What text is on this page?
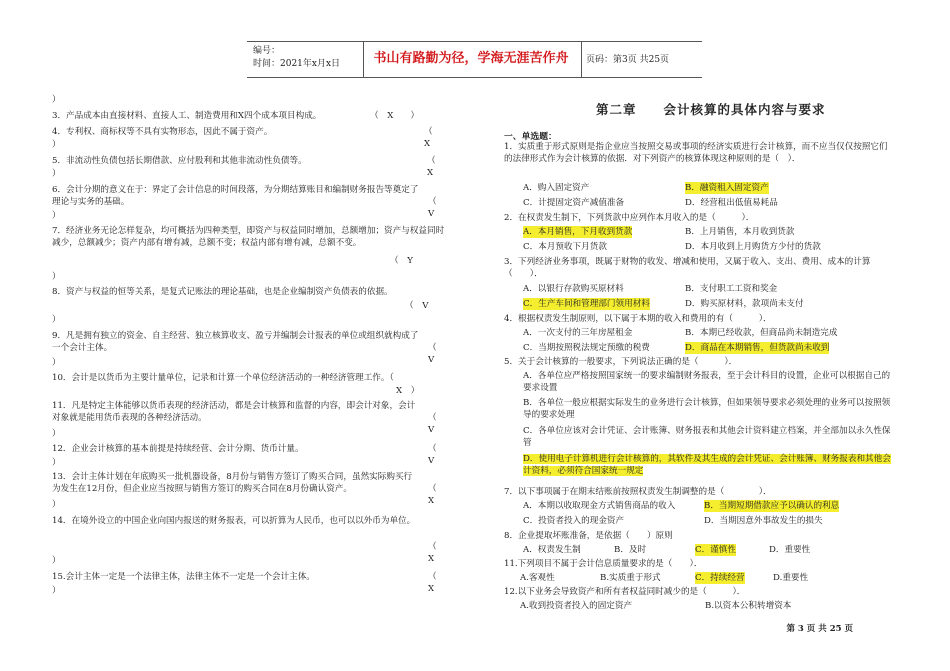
编号：
时间：2021年x月x日	书山有路勤为径，学海无涯苦作舟	页码：第3页 共25页
）
3．产品成本由直接材料、直接人工、制造费用和X四个成本项目构成。	（　X　　）
4．专利权、商标权等不具有实物形态，因此不属于资产。	（　　X
）
5．非流动性负债包括长期借款、应付股利和其他非流动性负债等。	（　X
）
6．会计分期的意义在于：界定了会计信息的时间段落，为分期结算账目和编制财务报告等奠定了理论与实务的基础。	（　V
）
7．经济业务无论怎样复杂，均可概括为四种类型，即资产与权益同时增加，总额增加；资产与权益同时减少，总额减少；资产内部有增有减，总额不变；权益内部有增有减，总额不变。
（　Y
）
8．资产与权益的恒等关系，是复式记账法的理论基础，也是企业编制资产负债表的依据。
（　V
）
9．凡是拥有独立的资金、自主经营、独立核算收支、盈亏并编制会计报表的单位或组织就构成了一个会计主体。	（　V
）
10．会计是以货币为主要计量单位，记录和计算一个单位经济活动的一种经济管理工作。（
X　）
11．凡是特定主体能够以货币表现的经济活动，都是会计核算和监督的内容，即会计对象，会计对象就是能用货币表现的各种经济活动。	（　V
）
12．企业会计核算的基本前提是持续经营、会计分期、货币计量。	（　V
）
13．会计主体计划在年底购买一批机器设备，8月份与销售方签订了购买合同，虽然实际购买行为发生在12月份，但企业应当按照与销售方签订的购买合同在8月份确认资产。	（　X
）
14．在境外设立的中国企业向国内报送的财务报表，可以折算为人民币，也可以以外币为单位。
（　X
）
15.会计主体一定是一个法律主体，法律主体不一定是一个会计主体。	（　X
）
第二章　　会计核算的具体内容与要求
一、单选题：
1．实质重于形式原则是指企业应当按照交易或事项的经济实质进行会计核算，而不应当仅仅按照它们的法律形式作为会计核算的依据．对下列资产的核算体现这种原则的是（　）．
A．购入固定资产	B．融资租入固定资产
C．计提固定资产减值准备	D．经营租出低值易耗品
2．在权责发生制下，下列货款中应列作本月收入的是（　　　）．
A．本月销售，下月收到货款	B．上月销售，本月收到货款
C．本月预收下月货款	D．本月收到上月购货方少付的货款
3．下列经济业务事项，既属于财物的收发、增减和使用，又属于收入、支出、费用、成本的计算（　　）．
A．以银行存款购买原材料	B．支付职工工资和奖金
C．生产车间和管理部门领用材料	D．购买原材料，款项尚未支付
4．根据权责发生制原则，以下属于本期的收入和费用的有（　　　）．
A．一次支付的三年房屋租金	B．本期已经收款，但商品尚未制造完成
C．当期按照税法规定预缴的税费	D．商品在本期销售，但货款尚未收到
5．关于会计核算的一般要求，下列说法正确的是（　　　）．
A．各单位应严格按照国家统一的要求编制财务报表，至于会计科目的设置，企业可以根据自己的要求设置
B．各单位一般应根据实际发生的业务进行会计核算，但如果领导要求必须处理的业务可以按照领导的要求处理
C．各单位应该对会计凭证、会计账簿、财务报表和其他会计资料建立档案，并全部加以永久性保管
D．使用电子计算机进行会计核算的，其软件及其生成的会计凭证、会计账簿、财务报表和其他会计资料，必须符合国家统一规定
7．以下事项属于在期末结账前按照权责发生制调整的是（　　　　）．
A．本期以收取现金方式销售商品的收入	B．当期短期借款应予以确认的利息
C．投资者投入的现金资产	D．当期因意外事故发生的损失
8．企业提取坏账准备，是依据（　　）原则
A．权责发生制	B．及时	C．谨慎性	D．重要性
11.下列项目不属于会计信息质量要求的是（　　）．
A.客观性	B.实质重于形式	C．持续经营	D.重要性
12.以下业务会导致资产和所有者权益同时减少的是（　　　）．
A.收到投资者投入的固定资产	B.以资本公积转增资本
第 3 页 共 25 页
